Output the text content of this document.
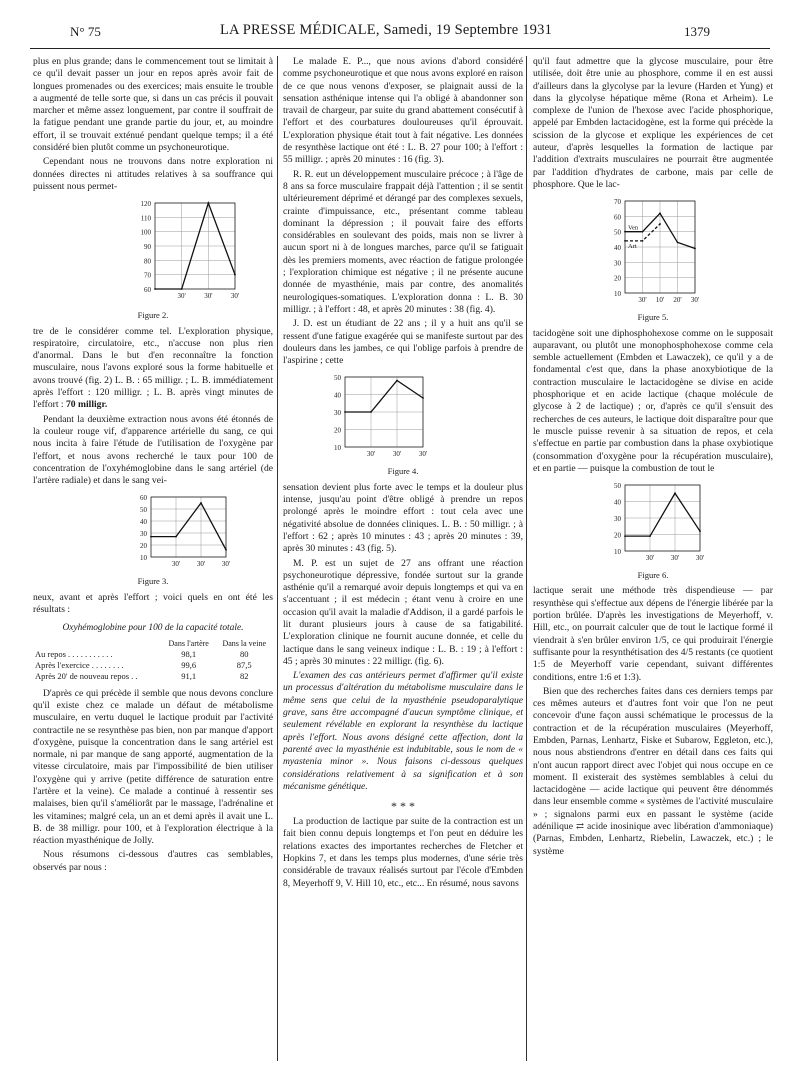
N° 75	LA PRESSE MÉDICALE, Samedi, 19 Septembre 1931	1379

plus en plus grande; dans le commencement tout se limitait à ce qu'il devait passer un jour en repos après avoir fait de longues promenades ou des exercices; mais ensuite le trouble a augmenté de telle sorte que, si dans un cas précis il pouvait marcher et même assez longuement, par contre il souffrait de la fatigue pendant une grande partie du jour, et, au moindre effort, il se trouvait exténué pendant quelque temps; il a été considéré bien plutôt comme un psychoneurotique.

Cependant nous ne trouvons dans notre exploration ni données directes ni attitudes relatives à sa souffrance qui puissent nous permet-

60
70
80
90
100
110
120
30'	30'	30'
Figure 2.

tre de le considérer comme tel. L'exploration physique, respiratoire, circulatoire, etc., n'accuse non plus rien d'anormal. Dans le but d'en reconnaître la fonction musculaire, nous l'avons exploré sous la forme habituelle et avons trouvé (fig. 2) L. B. : 65 milligr. ; L. B. immédiatement après l'effort : 120 milligr. ; L. B. après vingt minutes de l'effort : 70 milligr.

Pendant la deuxième extraction nous avons été étonnés de la couleur rouge vif, d'apparence artérielle du sang, ce qui nous incita à faire l'étude de l'utilisation de l'oxygène par l'effort, et nous avons recherché le taux pour 100 de concentration de l'oxyhémoglobine dans le sang artériel (de l'artère radiale) et dans le sang vei-

10
20
30
40
50
60
30' 30' 30'
Figure 3.

neux, avant et après l'effort ; voici quels en ont été les résultats :

Oxyhémoglobine pour 100 de la capacité totale.
	Dans l'artère	Dans la veine
Au repos . . . . . . . . . . .	98,1	80
Après l'exercice . . . . . . . .	99,6	87,5
Après 20' de nouveau repos . .	91,1	82

D'après ce qui précède il semble que nous devons conclure qu'il existe chez ce malade un défaut de métabolisme musculaire, en vertu duquel le lactique produit par l'activité contractile ne se resynthèse pas bien, non par manque d'apport d'oxygène, puisque la concentration dans le sang artériel est normale, ni par manque de sang apporté, augmentation de la vitesse circulatoire, mais par l'impossibilité de bien utiliser l'oxygène qui y arrive (petite différence de saturation entre l'artère et la veine). Ce malade a continué à ressentir ses malaises, bien qu'il s'améliorât par le massage, l'adrénaline et les vitamines; malgré cela, un an et demi après il avait une L. B. de 38 milligr. pour 100, et à l'exploration électrique à la réaction myasthénique de Jolly.

Nous résumons ci-dessous d'autres cas semblables, observés par nous :

Le malade E. P..., que nous avions d'abord considéré comme psychoneurotique et que nous avons exploré en raison de ce que nous venons d'exposer, se plaignait aussi de la sensation asthénique intense qui l'a obligé à abandonner son travail de chargeur, par suite du grand abattement consécutif à l'effort et des courbatures douloureuses qu'il éprouvait. L'exploration physique était tout à fait négative. Les données de resynthèse lactique ont été : L. B. 27 pour 100; à l'effort : 55 milligr. ; après 20 minutes : 16 (fig. 3).

R. R. eut un développement musculaire précoce ; à l'âge de 8 ans sa force musculaire frappait déjà l'attention ; il se sentit ultérieurement déprimé et dérangé par des complexes sexuels, crainte d'impuissance, etc., présentant comme tableau dominant la dépression ; il pouvait faire des efforts considérables en soulevant des poids, mais non se livrer à aucun sport ni à de longues marches, parce qu'il se fatiguait dès les premiers moments, avec réaction de fatigue prolongée ; l'exploration chimique est négative ; il ne présente aucune donnée de myasthénie, mais par contre, des anomalités neurologiques-somatiques. L'exploration donna : L. B. 30 milligr. ; à l'effort : 48, et après 20 minutes : 38 (fig. 4).

J. D. est un étudiant de 22 ans ; il y a huit ans qu'il se ressent d'une fatigue exagérée qui se manifeste surtout par des douleurs dans les jambes, ce qui l'oblige parfois à prendre de l'aspirine ; cette

10
20
30
40
50
30'	30'	30'
Figure 4.

sensation devient plus forte avec le temps et la douleur plus intense, jusqu'au point d'être obligé à prendre un repos prolongé après le moindre effort : tout cela avec une négativité absolue de données cliniques. L. B. : 50 milligr. ; à l'effort : 62 ; après 10 minutes : 43 ; après 20 minutes : 39, après 30 minutes : 43 (fig. 5).

M. P. est un sujet de 27 ans offrant une réaction psychoneurotique dépressive, fondée surtout sur la grande asthénie qu'il a remarqué avoir depuis longtemps et qui va en s'accentuant ; il est médecin ; étant venu à croire en une occasion qu'il avait la maladie d'Addison, il a gardé parfois le lit durant plusieurs jours à cause de sa fatigabilité. L'exploration clinique ne fournit aucune donnée, et celle du lactique dans le sang veineux indique : L. B. : 19 ; à l'effort : 45 ; après 30 minutes : 22 milligr. (fig. 6).

L'examen des cas antérieurs permet d'affirmer qu'il existe un processus d'altération du métabolisme musculaire dans le même sens que celui de la myasthénie pseudoparalytique grave, sans être accompagné d'aucun symptôme clinique, et seulement révélable en explorant la resynthèse du lactique après l'effort. Nous avons désigné cette affection, dont la parenté avec la myasthénie est indubitable, sous le nom de « myastenia minor ». Nous faisons ci-dessous quelques considérations relativement à sa signification et à son mécanisme génétique.

* * *

La production de lactique par suite de la contraction est un fait bien connu depuis longtemps et l'on peut en déduire les relations exactes des importantes recherches de Fletcher et Hopkins 7, et dans les temps plus modernes, d'une série très considérable de travaux réalisés surtout par l'école d'Embden 8, Meyerhoff 9, V. Hill 10, etc., etc... En résumé, nous savons

qu'il faut admettre que la glycose musculaire, pour être utilisée, doit être unie au phosphore, comme il en est aussi d'ailleurs dans la glycolyse par la levure (Harden et Yung) et dans la glycolyse hépatique même (Rona et Arheim). Le complexe de l'union de l'hexose avec l'acide phosphorique, appelé par Embden lactacidogène, est la forme qui précède la scission de la glycose et explique les expériences de cet auteur, d'après lesquelles la formation de lactique par l'addition d'extraits musculaires ne pourrait être augmentée par l'addition d'hydrates de carbone, mais par celle de phosphore. Que le lac-

10
20
30
40
50
60
70
30' 10' 20' 30'
Ven
Art
Figure 5.

tacidogène soit une diphosphohexose comme on le supposait auparavant, ou plutôt une monophosphohexose comme cela semble actuellement (Embden et Lawaczek), ce qu'il y a de fondamental c'est que, dans la phase anoxybiotique de la contraction musculaire le lactacidogène se divise en acide phosphorique et en acide lactique (chaque molécule de glycose à 2 de lactique) ; or, d'après ce qu'il s'ensuit des recherches de ces auteurs, le lactique doit disparaître pour que le muscle puisse revenir à sa situation de repos, et cela s'effectue en partie par combustion dans la phase oxybiotique (consommation d'oxygène pour la récupération musculaire), et en partie — puisque la combustion de tout le

10
20
30
40
50
30' 30' 30'
Figure 6.

lactique serait une méthode très dispendieuse — par resynthèse qui s'effectue aux dépens de l'énergie libérée par la portion brûlée. D'après les investigations de Meyerhoff, v. Hill, etc., on pourrait calculer que de tout le lactique formé il viendrait à s'en brûler environ 1/5, ce qui produirait l'énergie suffisante pour la resynthétisation des 4/5 restants (ce quotient 1:5 de Meyerhoff varie cependant, suivant différentes conditions, entre 1:6 et 1:3).

Bien que des recherches faites dans ces derniers temps par ces mêmes auteurs et d'autres font voir que l'on ne peut concevoir d'une façon aussi schématique le processus de la contraction et de la récupération musculaires (Meyerhoff, Embden, Parnas, Lenhartz, Fiske et Subarow, Eggleton, etc.), nous nous abstiendrons d'entrer en détail dans ces faits qui n'ont aucun rapport direct avec l'objet qui nous occupe en ce moment. Il existerait des systèmes semblables à celui du lactacidogène — acide lactique qui peuvent être dénommés dans leur ensemble comme « systèmes de l'activité musculaire » ; signalons parmi eux en passant le système (acide adénilique ⇄ acide inosinique avec libération d'ammoniaque) (Parnas, Embden, Lenhartz, Riebelin, Lawaczek, etc.) ; le système
